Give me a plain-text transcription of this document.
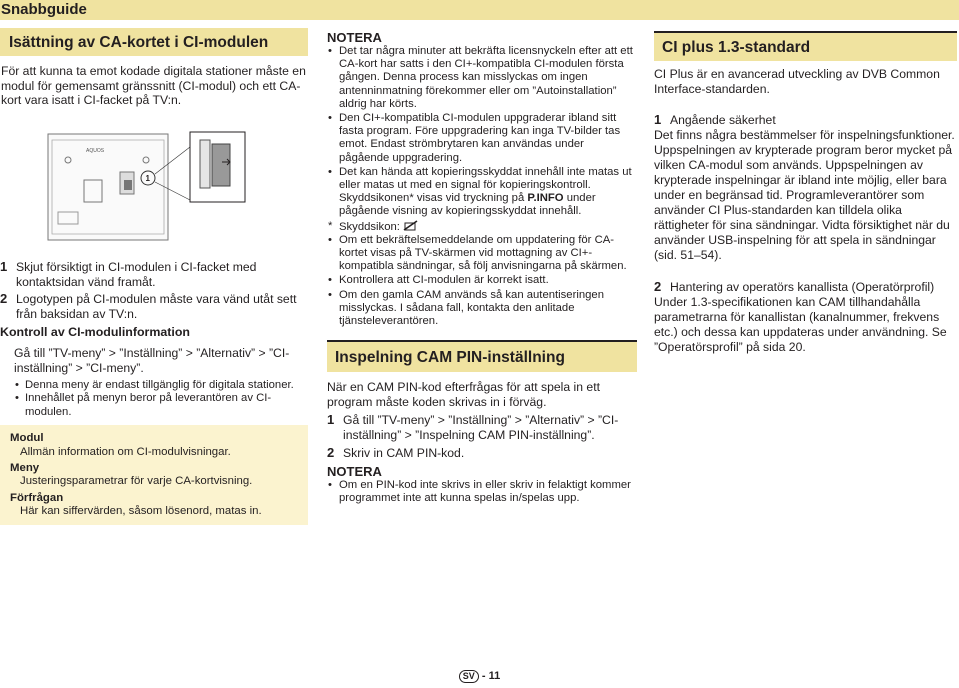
Snabbguide
Isättning av CA-kortet i CI-modulen
För att kunna ta emot kodade digitala stationer måste en modul för gemensamt gränssnitt (CI-modul) och ett CA-kort vara isatt i CI-facket på TV:n.
AQUOS
1
1 Skjut försiktigt in CI-modulen i CI-facket med kontaktsidan vänd framåt.
2 Logotypen på CI-modulen måste vara vänd utåt sett från baksidan av TV:n.
Kontroll av CI-modulinformation
Gå till ”TV-meny” > ”Inställning” > ”Alternativ” > ”CI-inställning” > ”CI-meny”.
• Denna meny är endast tillgänglig för digitala stationer.
• Innehållet på menyn beror på leverantören av CI-modulen.
Modul
Allmän information om CI-modulvisningar.
Meny
Justeringsparametrar för varje CA-kortvisning.
Förfrågan
Här kan siffervärden, såsom lösenord, matas in.
NOTERA
• Det tar några minuter att bekräfta licensnyckeln efter att ett CA-kort har satts i den CI+-kompatibla CI-modulen första gången. Denna process kan misslyckas om ingen antenninmatning förekommer eller om ”Autoinstallation” aldrig har körts.
• Den CI+-kompatibla CI-modulen uppgraderar ibland sitt fasta program. Före uppgradering kan inga TV-bilder tas emot. Endast strömbrytaren kan användas under pågående uppgradering.
• Det kan hända att kopieringsskyddat innehåll inte matas ut eller matas ut med en signal för kopieringskontroll. Skyddsikonen* visas vid tryckning på P.INFO under pågående visning av kopieringsskyddat innehåll.
* Skyddsikon:
• Om ett bekräftelsemeddelande om uppdatering för CA-kortet visas på TV-skärmen vid mottagning av CI+-kompatibla sändningar, så följ anvisningarna på skärmen.
• Kontrollera att CI-modulen är korrekt isatt.
• Om den gamla CAM används så kan autentiseringen misslyckas. I sådana fall, kontakta den anlitade tjänsteleverantören.
Inspelning CAM PIN-inställning
När en CAM PIN-kod efterfrågas för att spela in ett program måste koden skrivas in i förväg.
1 Gå till ”TV-meny” > ”Inställning” > ”Alternativ” > ”CI-inställning” > ”Inspelning CAM PIN-inställning”.
2 Skriv in CAM PIN-kod.
NOTERA
• Om en PIN-kod inte skrivs in eller skriv in felaktigt kommer programmet inte att kunna spelas in/spelas upp.
CI plus 1.3-standard
CI Plus är en avancerad utveckling av DVB Common Interface-standarden.
1 Angående säkerhet
Det finns några bestämmelser för inspelningsfunktioner. Uppspelningen av krypterade program beror mycket på vilken CA-modul som används. Uppspelningen av krypterade inspelningar är ibland inte möjlig, eller bara under en begränsad tid. Programleverantörer som använder CI Plus-standarden kan tilldela olika rättigheter för sina sändningar. Vidta försiktighet när du använder USB-inspelning för att spela in sändningar (sid. 51–54).
2 Hantering av operatörs kanallista (Operatörprofil)
Under 1.3-specifikationen kan CAM tillhandahålla parametrarna för kanallistan (kanalnummer, frekvens etc.) och dessa kan uppdateras under användning. Se ”Operatörsprofil” på sida 20.
SV - 11
